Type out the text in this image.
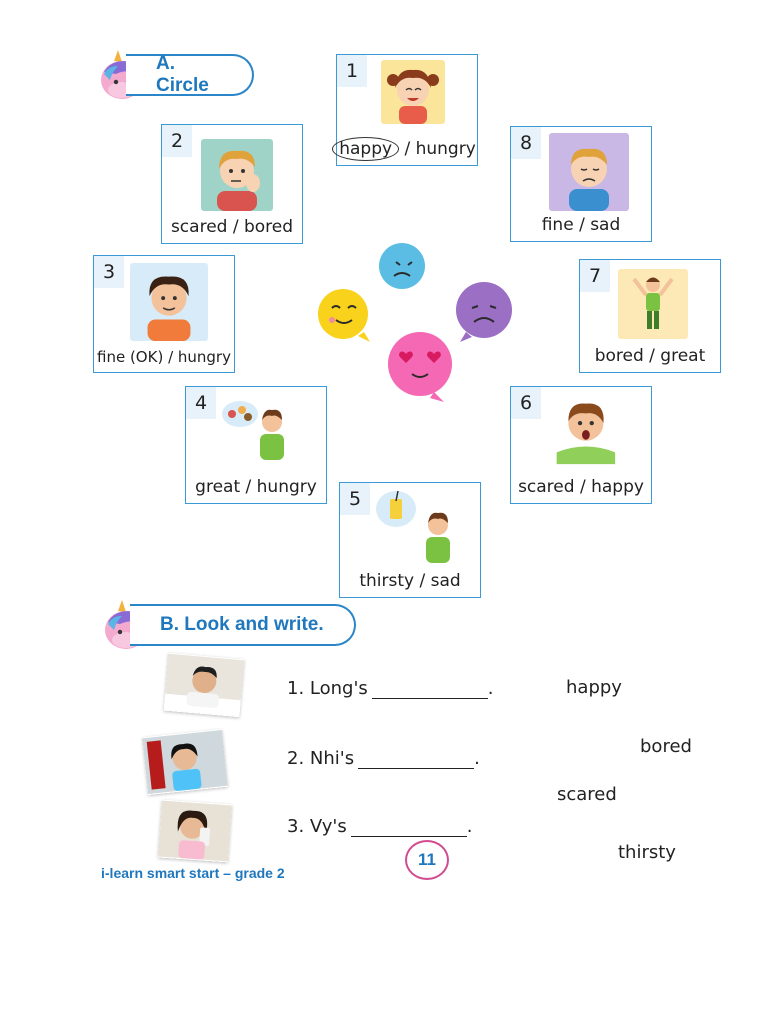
A. Circle
1
happy / hungry
2
scared / bored
8
fine / sad
3
fine (OK) / hungry
7
bored / great
4
great / hungry
6
scared / happy
5
thirsty / sad
B. Look and write.
1. Long's	.
2. Nhi's	.
3. Vy's	.
happy
bored
scared
thirsty
i-learn smart start – grade 2
11
